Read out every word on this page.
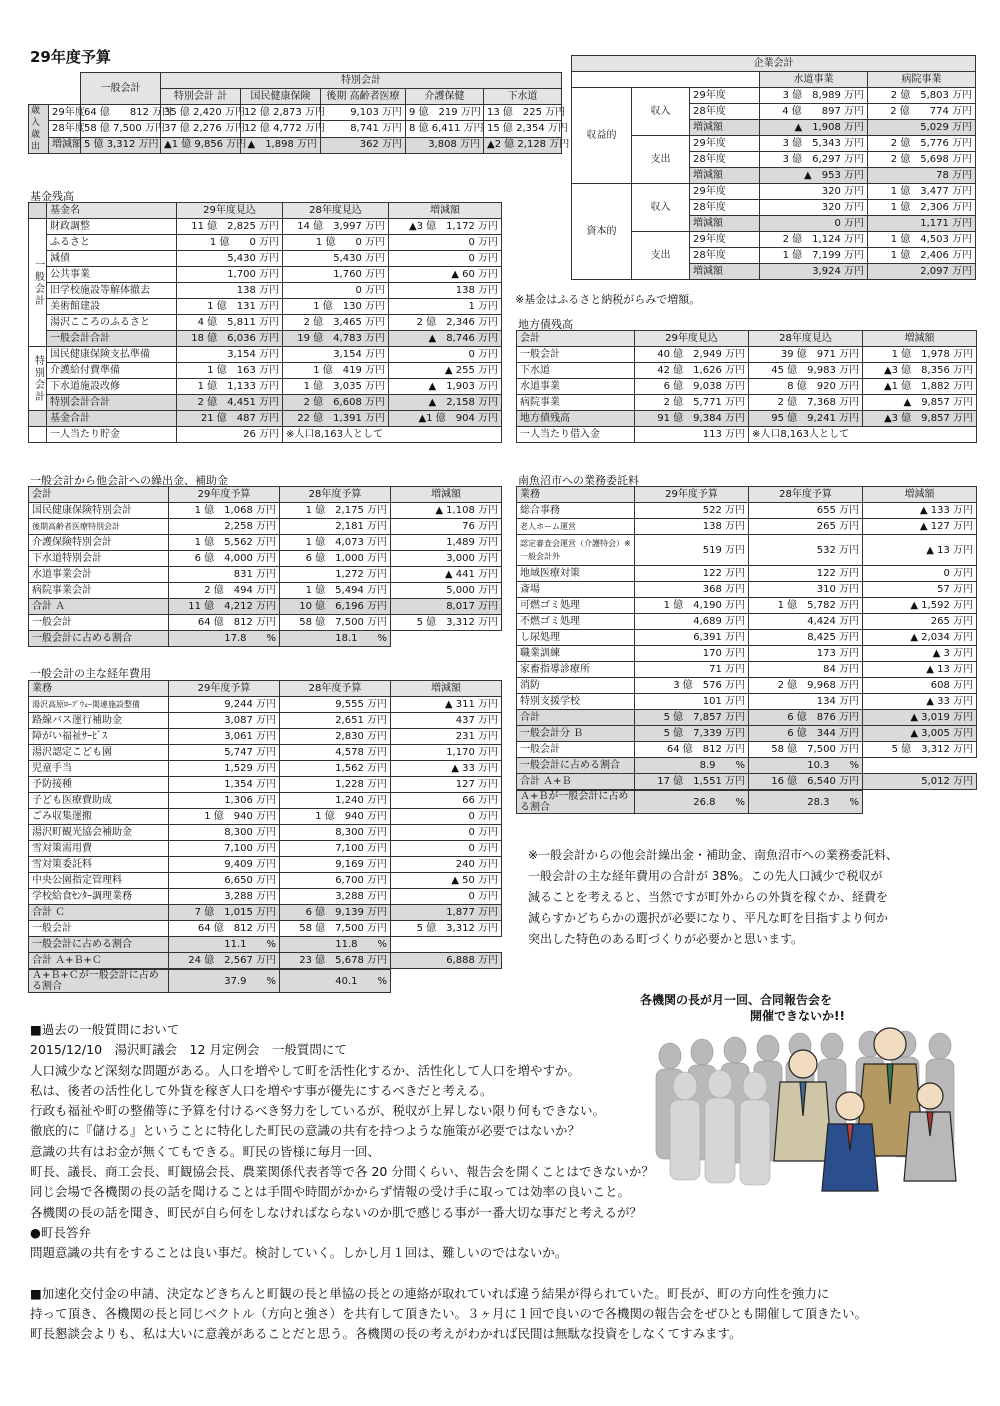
29年度予算
		一般会計	特別会計				
			特別会計 計	国民健康保険	後期 高齢者医療	介護保健	下水道
歳入歳出	29年度	64 億　　812 万円	35 億 2,420 万円	12 億 2,873 万円	9,103 万円	9 億　219 万円	13 億　225 万円
	28年度	58 億 7,500 万円	37 億 2,276 万円	12 億 4,772 万円	8,741 万円	8 億 6,411 万円	15 億 2,354 万円
	増減額	5 億 3,312 万円	▲1 億 9,856 万円	▲　1,898 万円	362 万円	3,808 万円	▲2 億 2,128 万円
企業会計				
			水道事業	病院事業
収益的	収入	29年度	3 億　8,989 万円	2 億　5,803 万円
		28年度	4 億　　897 万円	2 億　　774 万円
		増減額	▲　1,908 万円	5,029 万円
	支出	29年度	3 億　5,343 万円	2 億　5,776 万円
		28年度	3 億　6,297 万円	2 億　5,698 万円
		増減額	▲　953 万円	78 万円
資本的	収入	29年度	320 万円	1 億　3,477 万円
		28年度	320 万円	1 億　2,306 万円
		増減額	0 万円	1,171 万円
	支出	29年度	2 億　1,124 万円	1 億　4,503 万円
		28年度	1 億　7,199 万円	1 億　2,406 万円
		増減額	3,924 万円	2,097 万円
※基金はふるさと納税がらみで増額。
基金残高
	基金名	29年度見込	28年度見込	増減額
一般会計	財政調整	11 億　2,825 万円	14 億　3,997 万円	▲3 億　1,172 万円
	ふるさと	1 億　　0 万円	1 億　　0 万円	0 万円
	減債	5,430 万円	5,430 万円	0 万円
	公共事業	1,700 万円	1,760 万円	▲ 60 万円
	旧学校施設等解体撤去	138 万円	0 万円	138 万円
	美術館建設	1 億　131 万円	1 億　130 万円	1 万円
	湯沢こころのふるさと	4 億　5,811 万円	2 億　3,465 万円	2 億　2,346 万円
	一般会計合計	18 億　6,036 万円	19 億　4,783 万円	▲　8,746 万円
特別会計	国民健康保険支払準備	3,154 万円	3,154 万円	0 万円
	介護給付費準備	1 億　163 万円	1 億　419 万円	▲ 255 万円
	下水道施設改修	1 億　1,133 万円	1 億　3,035 万円	▲　1,903 万円
	特別会計合計	2 億　4,451 万円	2 億　6,608 万円	▲　2,158 万円
	基金合計	21 億　487 万円	22 億　1,391 万円	▲1 億　904 万円
	一人当たり貯金	26 万円	※人口8,163人として	
地方債残高
会計	29年度見込	28年度見込	増減額
一般会計	40 億　2,949 万円	39 億　971 万円	1 億　1,978 万円
下水道	42 億　1,626 万円	45 億　9,983 万円	▲3 億　8,356 万円
水道事業	6 億　9,038 万円	8 億　920 万円	▲1 億　1,882 万円
病院事業	2 億　5,771 万円	2 億　7,368 万円	▲　9,857 万円
地方債残高	91 億　9,384 万円	95 億　9,241 万円	▲3 億　9,857 万円
一人当たり借入金	113 万円	※人口8,163人として	
一般会計から他会計への繰出金、補助金
会計	29年度予算	28年度予算	増減額
国民健康保険特別会計	1 億　1,068 万円	1 億　2,175 万円	▲ 1,108 万円
後期高齢者医療特別会計	2,258 万円	2,181 万円	76 万円
介護保険特別会計	1 億　5,562 万円	1 億　4,073 万円	1,489 万円
下水道特別会計	6 億　4,000 万円	6 億　1,000 万円	3,000 万円
水道事業会計	831 万円	1,272 万円	▲ 441 万円
病院事業会計	2 億　494 万円	1 億　5,494 万円	5,000 万円
合計 Ａ	11 億　4,212 万円	10 億　6,196 万円	8,017 万円
一般会計	64 億　812 万円	58 億　7,500 万円	5 億　3,312 万円
一般会計に占める割合	17.8　　 %	18.1　　 %	
一般会計の主な経年費用
業務	29年度予算	28年度予算	増減額
湯沢高原ﾛｰﾌﾟｳｪｰ関連施設整備	9,244 万円	9,555 万円	▲ 311 万円
路線バス運行補助金	3,087 万円	2,651 万円	437 万円
障がい福祉ｻｰﾋﾞｽ	3,061 万円	2,830 万円	231 万円
湯沢認定こども園	5,747 万円	4,578 万円	1,170 万円
児童手当	1,529 万円	1,562 万円	▲ 33 万円
予防接種	1,354 万円	1,228 万円	127 万円
子ども医療費助成	1,306 万円	1,240 万円	66 万円
ごみ収集運搬	1 億　940 万円	1 億　940 万円	0 万円
湯沢町観光協会補助金	8,300 万円	8,300 万円	0 万円
雪対策需用費	7,100 万円	7,100 万円	0 万円
雪対策委託料	9,409 万円	9,169 万円	240 万円
中央公園指定管理料	6,650 万円	6,700 万円	▲ 50 万円
学校給食ｾﾝﾀｰ調理業務	3,288 万円	3,288 万円	0 万円
合計 Ｃ	7 億　1,015 万円	6 億　9,139 万円	1,877 万円
一般会計	64 億　812 万円	58 億　7,500 万円	5 億　3,312 万円
一般会計に占める割合	11.1　　 %	11.8　　 %	
合計 Ａ+Ｂ+Ｃ	24 億　2,567 万円	23 億　5,678 万円	6,888 万円
Ａ+Ｂ+Ｃが一般会計に占める割合	37.9　　 %	40.1　　 %
南魚沼市への業務委託料
業務	29年度予算	28年度予算	増減額
総合事務	522 万円	655 万円	▲ 133 万円
老人ホーム運営	138 万円	265 万円	▲ 127 万円
認定審査会運営（介護特会）※一般会計外	519 万円	532 万円	▲ 13 万円
地域医療対策	122 万円	122 万円	0 万円
斎場	368 万円	310 万円	57 万円
可燃ゴミ処理	1 億　4,190 万円	1 億　5,782 万円	▲ 1,592 万円
不燃ゴミ処理	4,689 万円	4,424 万円	265 万円
し尿処理	6,391 万円	8,425 万円	▲ 2,034 万円
職業訓練	170 万円	173 万円	▲ 3 万円
家畜指導診療所	71 万円	84 万円	▲ 13 万円
消防	3 億　576 万円	2 億　9,968 万円	608 万円
特別支援学校	101 万円	134 万円	▲ 33 万円
合計	5 億　7,857 万円	6 億　876 万円	▲ 3,019 万円
一般会計分 Ｂ	5 億　7,339 万円	6 億　344 万円	▲ 3,005 万円
一般会計	64 億　812 万円	58 億　7,500 万円	5 億　3,312 万円
一般会計に占める割合	8.9　　 %	10.3　　 %	
合計 Ａ+Ｂ	17 億　1,551 万円	16 億　6,540 万円	5,012 万円
Ａ+Ｂが一般会計に占める割合	26.8　　 %	28.3　　 %
※一般会計からの他会計繰出金・補助金、南魚沼市への業務委託料、
一般会計の主な経年費用の合計が 38%。この先人口減少で税収が
減ることを考えると、当然ですが町外からの外貨を稼ぐか、経費を
減らすかどちらかの選択が必要になり、平凡な町を目指すより何か
突出した特色のある町づくりが必要かと思います。
各機関の長が月一回、合同報告会を
開催できないか!!
■過去の一般質問において
2015/12/10　湯沢町議会　12 月定例会　一般質問にて
人口減少など深刻な問題がある。人口を増やして町を活性化するか、活性化して人口を増やすか。
私は、後者の活性化して外貨を稼ぎ人口を増やす事が優先にするべきだと考える。
行政も福祉や町の整備等に予算を付けるべき努力をしているが、税収が上昇しない限り何もできない。
徹底的に『儲ける』ということに特化した町民の意識の共有を持つような施策が必要ではないか？
意識の共有はお金が無くてもできる。町民の皆様に毎月一回、
町長、議長、商工会長、町観協会長、農業関係代表者等で各 20 分間くらい、報告会を開くことはできないか？
同じ会場で各機関の長の話を聞けることは手間や時間がかからず情報の受け手に取っては効率の良いこと。
各機関の長の話を聞き、町民が自ら何をしなければならないのか肌で感じる事が一番大切な事だと考えるが？
●町長答弁
問題意識の共有をすることは良い事だ。検討していく。しかし月１回は、難しいのではないか。
■加速化交付金の申請、決定などきちんと町観の長と単協の長との連絡が取れていれば違う結果が得られていた。町長が、町の方向性を強力に
持って頂き、各機関の長と同じベクトル（方向と強さ）を共有して頂きたい。３ヶ月に１回で良いので各機関の報告会をぜひとも開催して頂きたい。
町長懇談会よりも、私は大いに意義があることだと思う。各機関の長の考えがわかれば民間は無駄な投資をしなくてすみます。
